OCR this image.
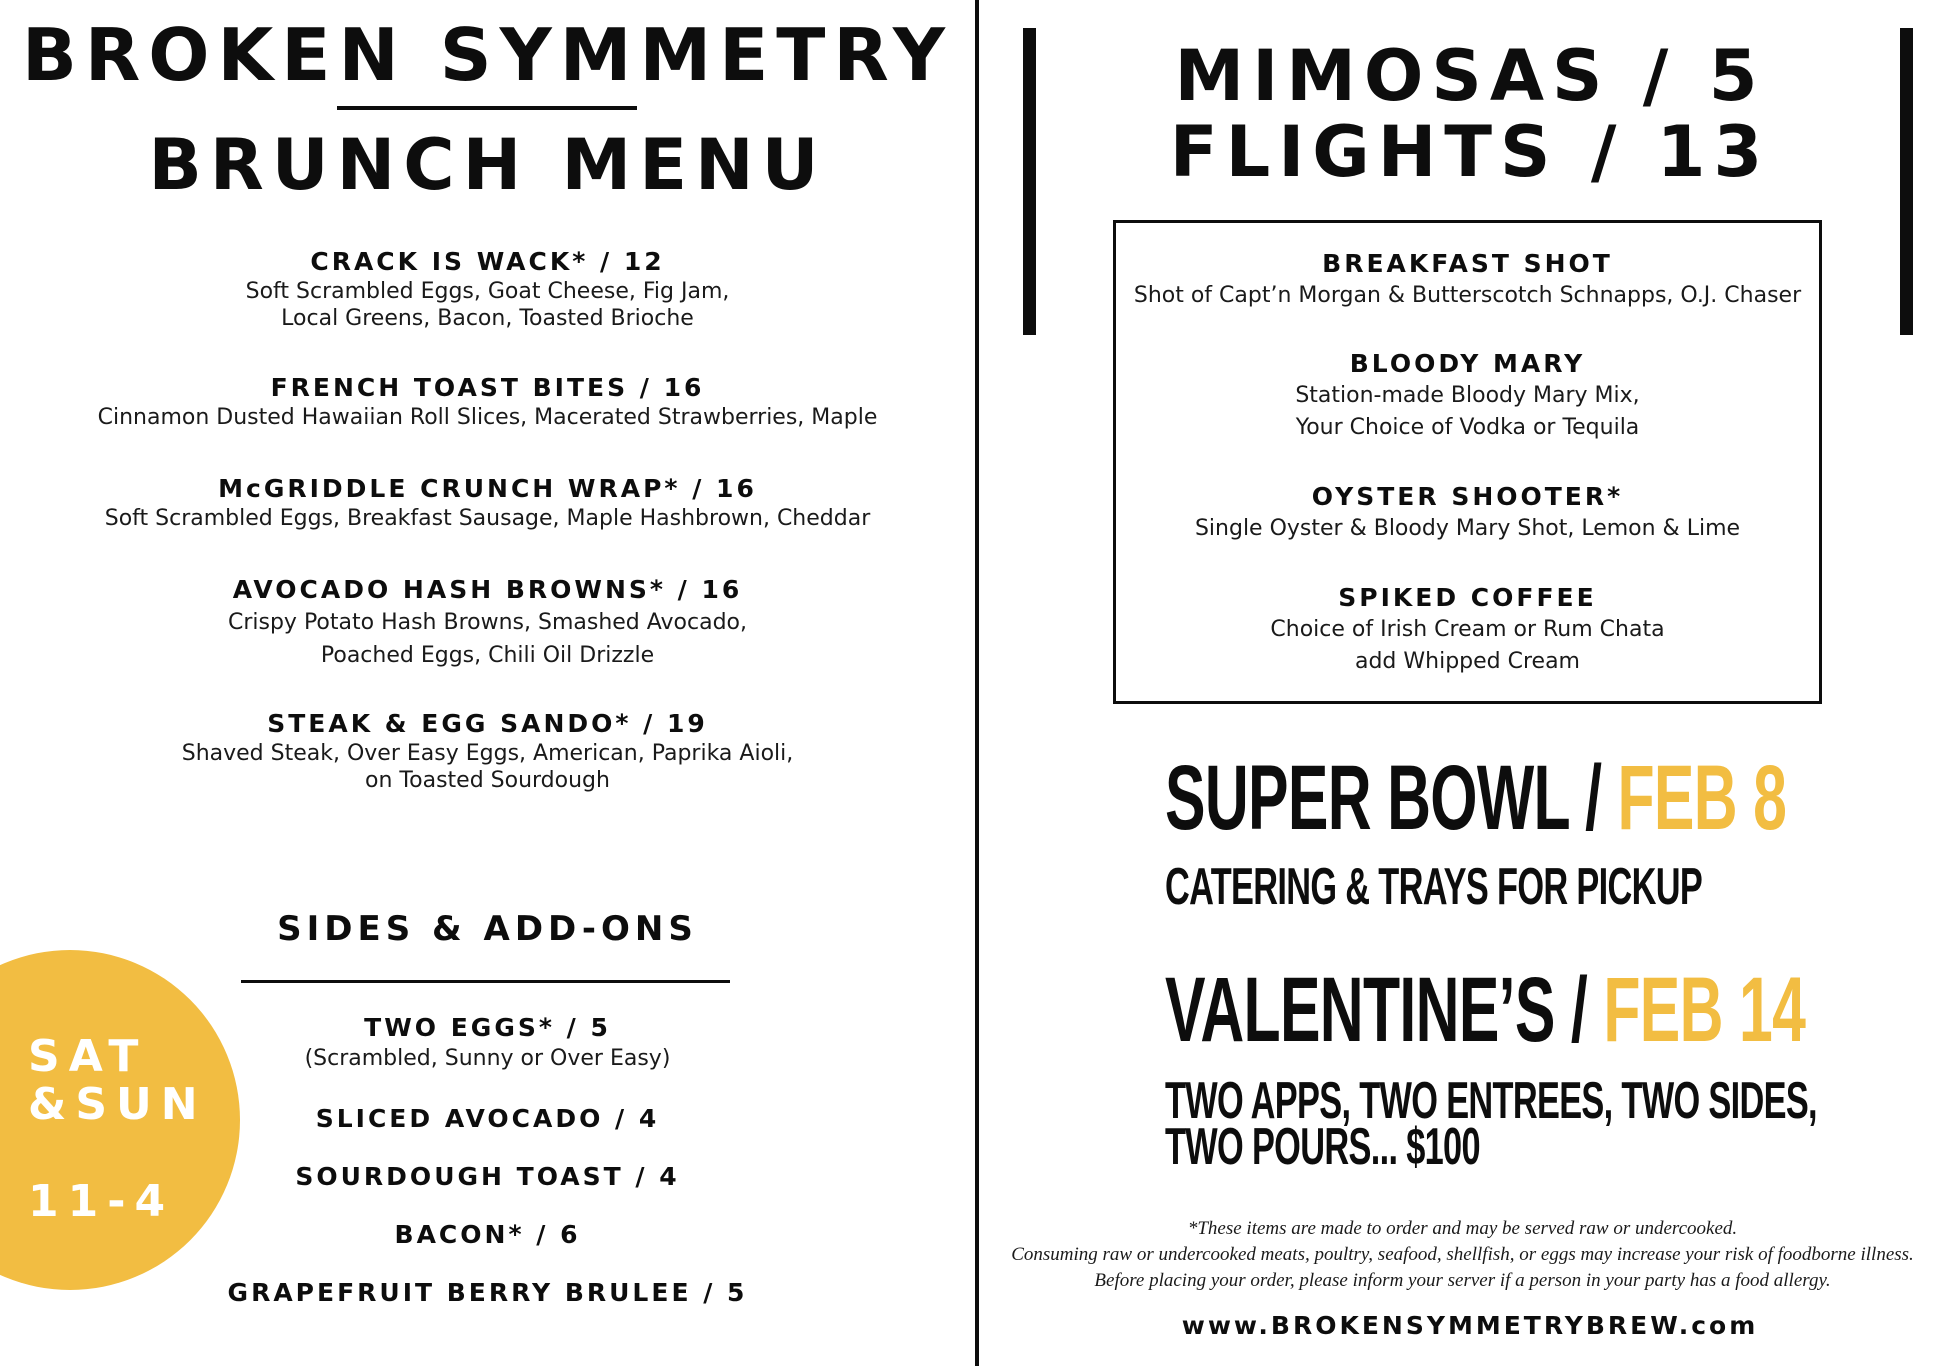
BROKEN SYMMETRY
BRUNCH MENU
CRACK IS WACK* / 12
Soft Scrambled Eggs, Goat Cheese, Fig Jam,
Local Greens, Bacon, Toasted Brioche
FRENCH TOAST BITES / 16
Cinnamon Dusted Hawaiian Roll Slices, Macerated Strawberries, Maple
McGRIDDLE CRUNCH WRAP* / 16
Soft Scrambled Eggs, Breakfast Sausage, Maple Hashbrown, Cheddar
AVOCADO HASH BROWNS* / 16
Crispy Potato Hash Browns, Smashed Avocado,
Poached Eggs, Chili Oil Drizzle
STEAK & EGG SANDO* / 19
Shaved Steak, Over Easy Eggs, American, Paprika Aioli,
on Toasted Sourdough
SIDES & ADD-ONS
TWO EGGS* / 5
(Scrambled, Sunny or Over Easy)
SLICED AVOCADO / 4
SOURDOUGH TOAST / 4
BACON* / 6
GRAPEFRUIT BERRY BRULEE / 5
SAT
&SUN
11-4
MIMOSAS / 5
FLIGHTS / 13
BREAKFAST SHOT
Shot of Capt’n Morgan & Butterscotch Schnapps, O.J. Chaser
BLOODY MARY
Station-made Bloody Mary Mix,
Your Choice of Vodka or Tequila
OYSTER SHOOTER*
Single Oyster & Bloody Mary Shot, Lemon & Lime
SPIKED COFFEE
Choice of Irish Cream or Rum Chata
add Whipped Cream
SUPER BOWL / FEB 8
CATERING & TRAYS FOR PICKUP
VALENTINE’S / FEB 14
TWO APPS, TWO ENTREES, TWO SIDES,
TWO POURS... $100
*These items are made to order and may be served raw or undercooked.
Consuming raw or undercooked meats, poultry, seafood, shellfish, or eggs may increase your risk of foodborne illness.
Before placing your order, please inform your server if a person in your party has a food allergy.
www.BROKENSYMMETRYBREW.com
